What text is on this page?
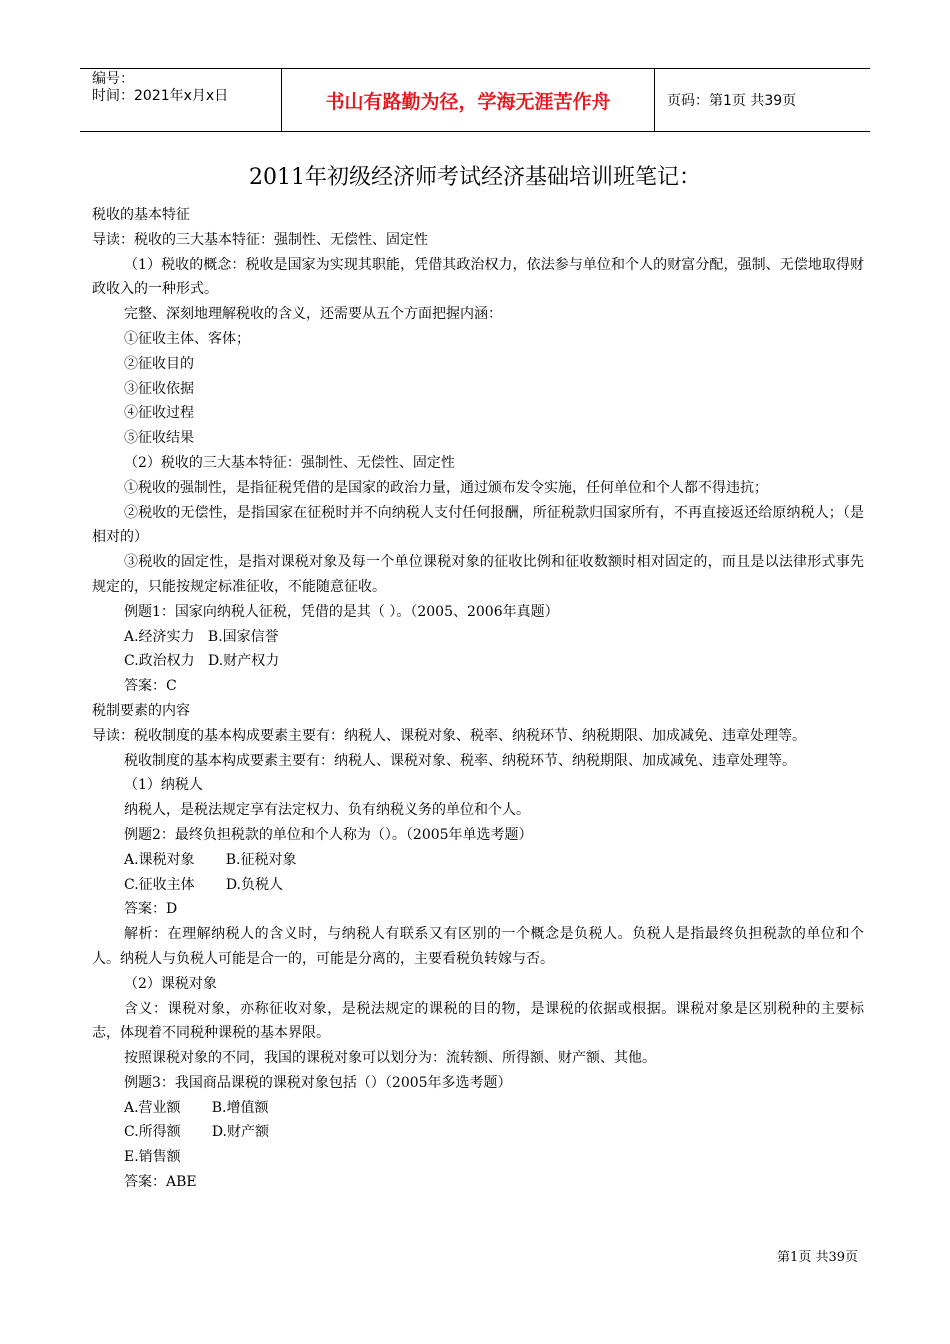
编号：
时间：2021年x月x日	书山有路勤为径，学海无涯苦作舟	页码：第1页 共39页
2011年初级经济师考试经济基础培训班笔记：

税收的基本特征

导读：税收的三大基本特征：强制性、无偿性、固定性

（1）税收的概念：税收是国家为实现其职能，凭借其政治权力，依法参与单位和个人的财富分配，强制、无偿地取得财政收入的一种形式。

完整、深刻地理解税收的含义，还需要从五个方面把握内涵：

①征收主体、客体；

②征收目的

③征收依据

④征收过程

⑤征收结果

（2）税收的三大基本特征：强制性、无偿性、固定性

①税收的强制性，是指征税凭借的是国家的政治力量，通过颁布发令实施，任何单位和个人都不得违抗；

②税收的无偿性，是指国家在征税时并不向纳税人支付任何报酬，所征税款归国家所有，不再直接返还给原纳税人；（是相对的）

③税收的固定性，是指对课税对象及每一个单位课税对象的征收比例和征收数额时相对固定的，而且是以法律形式事先规定的，只能按规定标准征收，不能随意征收。

例题1：国家向纳税人征税，凭借的是其（ ）。（2005、2006年真题）

A.经济实力   B.国家信誉

C.政治权力   D.财产权力

答案：C

税制要素的内容

导读：税收制度的基本构成要素主要有：纳税人、课税对象、税率、纳税环节、纳税期限、加成减免、违章处理等。

税收制度的基本构成要素主要有：纳税人、课税对象、税率、纳税环节、纳税期限、加成减免、违章处理等。

（1）纳税人

纳税人，是税法规定享有法定权力、负有纳税义务的单位和个人。

例题2：最终负担税款的单位和个人称为（）。（2005年单选考题）

A.课税对象       B.征税对象

C.征收主体       D.负税人

答案：D

解析：在理解纳税人的含义时，与纳税人有联系又有区别的一个概念是负税人。负税人是指最终负担税款的单位和个人。纳税人与负税人可能是合一的，可能是分离的，主要看税负转嫁与否。

（2）课税对象

含义：课税对象，亦称征收对象，是税法规定的课税的目的物，是课税的依据或根据。课税对象是区别税种的主要标志，体现着不同税种课税的基本界限。

按照课税对象的不同，我国的课税对象可以划分为：流转额、所得额、财产额、其他。

例题3：我国商品课税的课税对象包括（）（2005年多选考题）

A.营业额       B.增值额

C.所得额       D.财产额

E.销售额

答案：ABE

第1页 共39页
